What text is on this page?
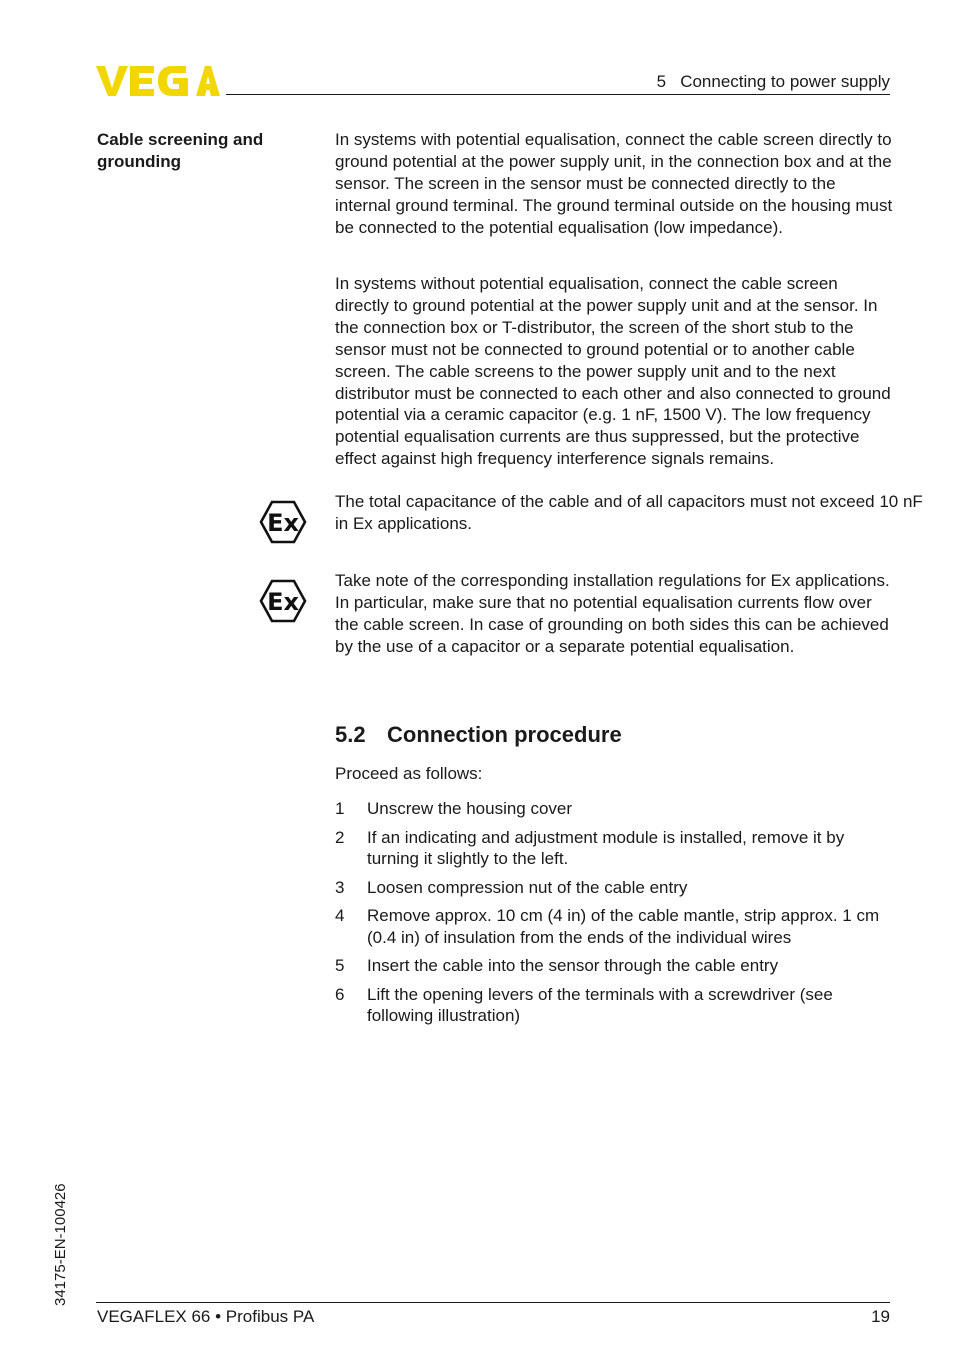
5   Connecting to power supply
Cable screening and grounding
In systems with potential equalisation, connect the cable screen directly to ground potential at the power supply unit, in the connection box and at the sensor. The screen in the sensor must be connected directly to the internal ground terminal. The ground terminal outside on the housing must be connected to the potential equalisation (low impedance).
In systems without potential equalisation, connect the cable screen directly to ground potential at the power supply unit and at the sensor. In the connection box or T-distributor, the screen of the short stub to the sensor must not be connected to ground potential or to another cable screen. The cable screens to the power supply unit and to the next distributor must be connected to each other and also connected to ground potential via a ceramic capacitor (e.g. 1 nF, 1500 V). The low frequency potential equalisation currents are thus suppressed, but the protective effect against high frequency interference signals remains.
Ex
The total capacitance of the cable and of all capacitors must not exceed 10 nF in Ex applications.
Ex
Take note of the corresponding installation regulations for Ex applications. In particular, make sure that no potential equalisation currents flow over the cable screen. In case of grounding on both sides this can be achieved by the use of a capacitor or a separate potential equalisation.
5.2 Connection procedure
Proceed as follows:
1	Unscrew the housing cover
2	If an indicating and adjustment module is installed, remove it by turning it slightly to the left.
3	Loosen compression nut of the cable entry
4	Remove approx. 10 cm (4 in) of the cable mantle, strip approx. 1 cm (0.4 in) of insulation from the ends of the individual wires
5	Insert the cable into the sensor through the cable entry
6	Lift the opening levers of the terminals with a screwdriver (see following illustration)
34175-EN-100426
VEGAFLEX 66 • Profibus PA	19
